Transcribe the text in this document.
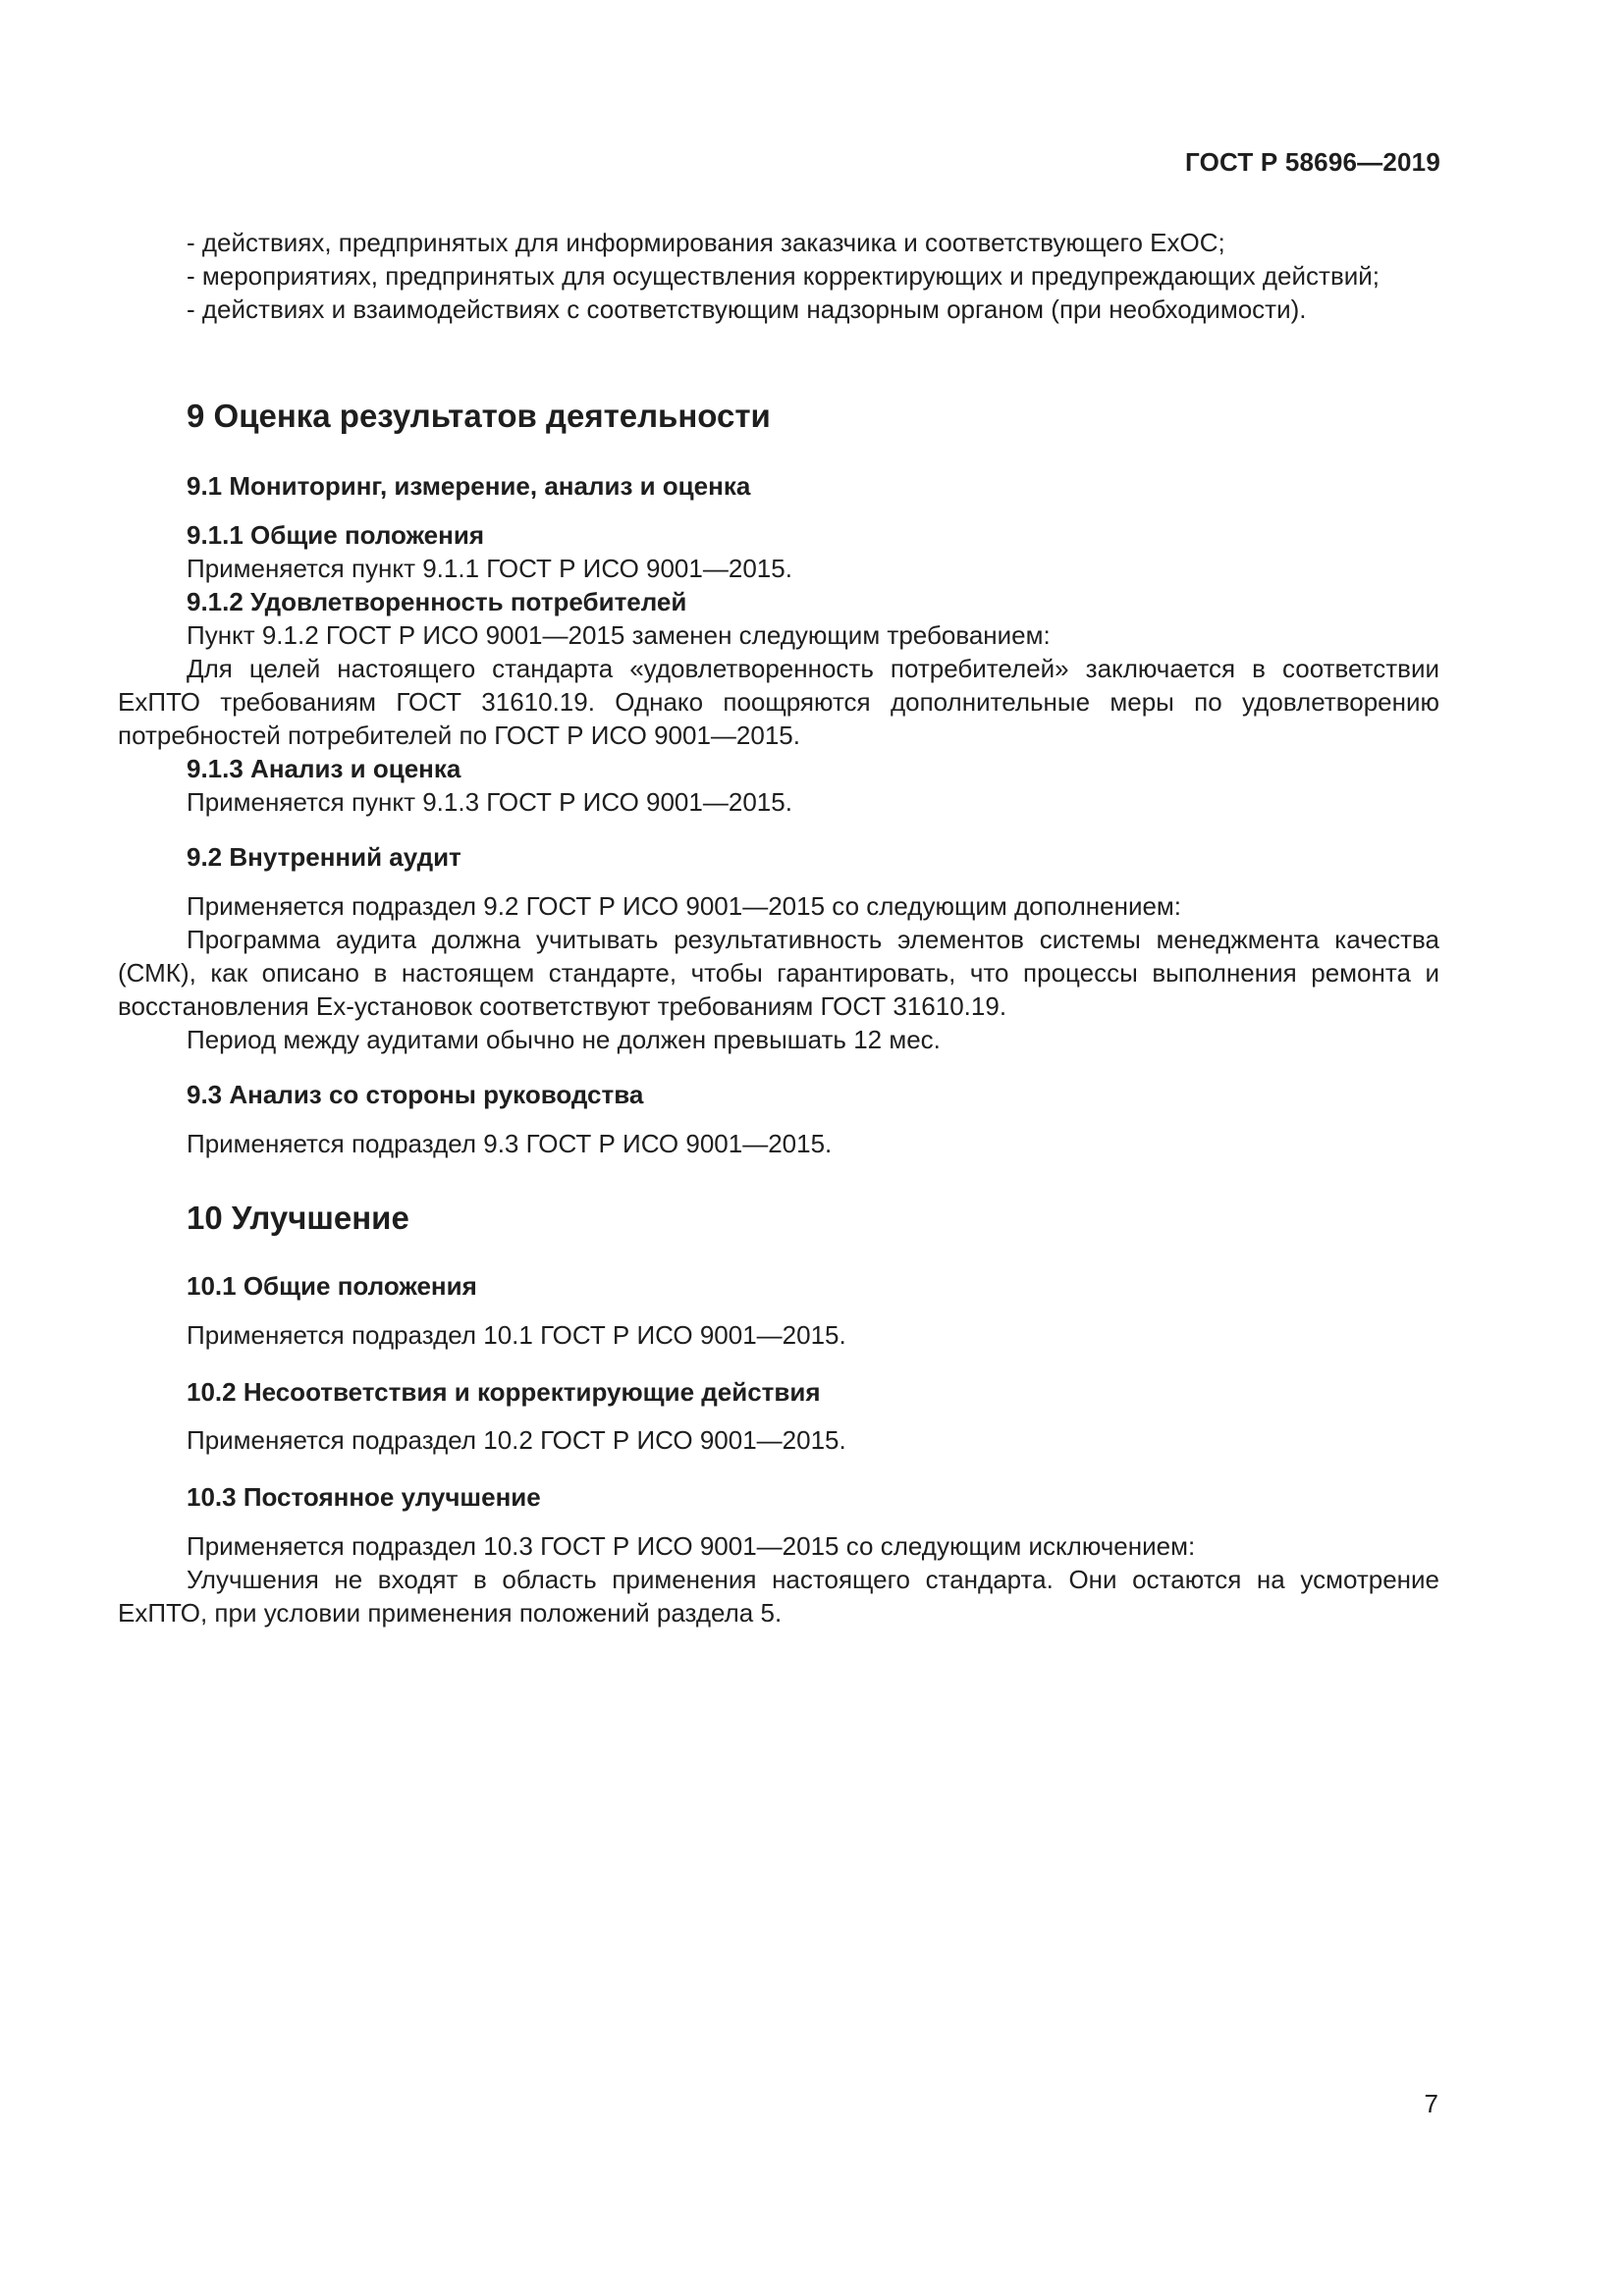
ГОСТ Р 58696—2019

- действиях, предпринятых для информирования заказчика и соответствующего ExOC;

- мероприятиях, предпринятых для осуществления корректирующих и предупреждающих действий;

- действиях и взаимодействиях с соответствующим надзорным органом (при необходимости).

9 Оценка результатов деятельности
9.1 Мониторинг, измерение, анализ и оценка

9.1.1 Общие положения

Применяется пункт 9.1.1 ГОСТ Р ИСО 9001—2015.

9.1.2 Удовлетворенность потребителей

Пункт 9.1.2 ГОСТ Р ИСО 9001—2015 заменен следующим требованием:

Для целей настоящего стандарта «удовлетворенность потребителей» заключается в соответствии ExПТО требованиям ГОСТ 31610.19. Однако поощряются дополнительные меры по удовлетворению потребностей потребителей по ГОСТ Р ИСО 9001—2015.

9.1.3 Анализ и оценка

Применяется пункт 9.1.3 ГОСТ Р ИСО 9001—2015.

9.2 Внутренний аудит

Применяется подраздел 9.2 ГОСТ Р ИСО 9001—2015 со следующим дополнением:

Программа аудита должна учитывать результативность элементов системы менеджмента качества (СМК), как описано в настоящем стандарте, чтобы гарантировать, что процессы выполнения ремонта и восстановления Ex-установок соответствуют требованиям ГОСТ 31610.19.

Период между аудитами обычно не должен превышать 12 мес.

9.3 Анализ со стороны руководства

Применяется подраздел 9.3 ГОСТ Р ИСО 9001—2015.

10 Улучшение
10.1 Общие положения

Применяется подраздел 10.1 ГОСТ Р ИСО 9001—2015.

10.2 Несоответствия и корректирующие действия

Применяется подраздел 10.2 ГОСТ Р ИСО 9001—2015.

10.3 Постоянное улучшение

Применяется подраздел 10.3 ГОСТ Р ИСО 9001—2015 со следующим исключением:

Улучшения не входят в область применения настоящего стандарта. Они остаются на усмотрение ExПТО, при условии применения положений раздела 5.

7
